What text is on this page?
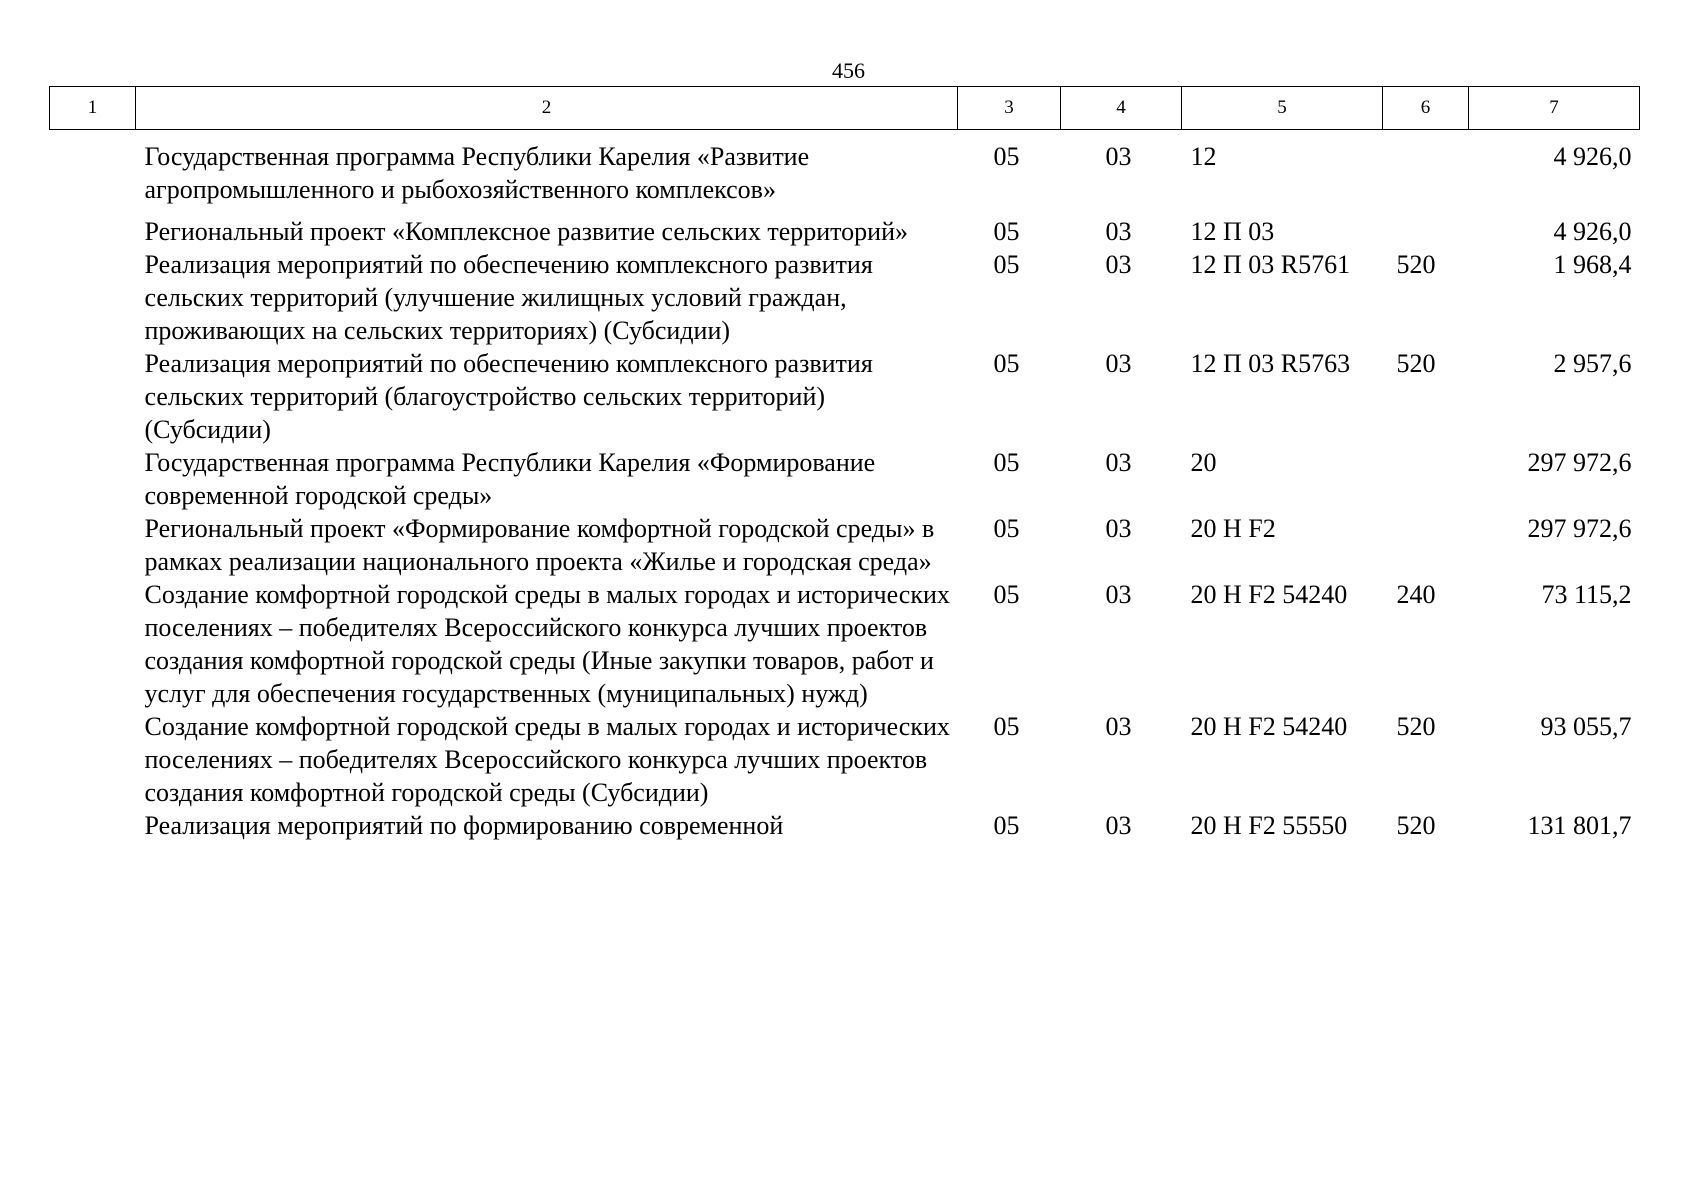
456
1	2	3	4	5	6	7
	Государственная программа Республики Карелия «Развитие агропромышленного и рыбохозяйственного комплексов»	05	03	12		4 926,0
	Региональный проект «Комплексное развитие сельских территорий»	05	03	12 П 03		4 926,0
	Реализация мероприятий по обеспечению комплексного развития сельских территорий (улучшение жилищных условий граждан, проживающих на сельских территориях) (Субсидии)	05	03	12 П 03 R5761	520	1 968,4
	Реализация мероприятий по обеспечению комплексного развития сельских территорий (благоустройство сельских территорий) (Субсидии)	05	03	12 П 03 R5763	520	2 957,6
	Государственная программа Республики Карелия «Формирование современной городской среды»	05	03	20		297 972,6
	Региональный проект «Формирование комфортной городской среды» в рамках реализации национального проекта «Жилье и городская среда»	05	03	20 Н F2		297 972,6
	Создание комфортной городской среды в малых городах и исторических поселениях – победителях Всероссийского конкурса лучших проектов создания комфортной городской среды (Иные закупки товаров, работ и услуг для обеспечения государственных (муниципальных) нужд)	05	03	20 Н F2 54240	240	73 115,2
	Создание комфортной городской среды в малых городах и исторических поселениях – победителях Всероссийского конкурса лучших проектов создания комфортной городской среды (Субсидии)	05	03	20 Н F2 54240	520	93 055,7
	Реализация мероприятий по формированию современной	05	03	20 Н F2 55550	520	131 801,7
